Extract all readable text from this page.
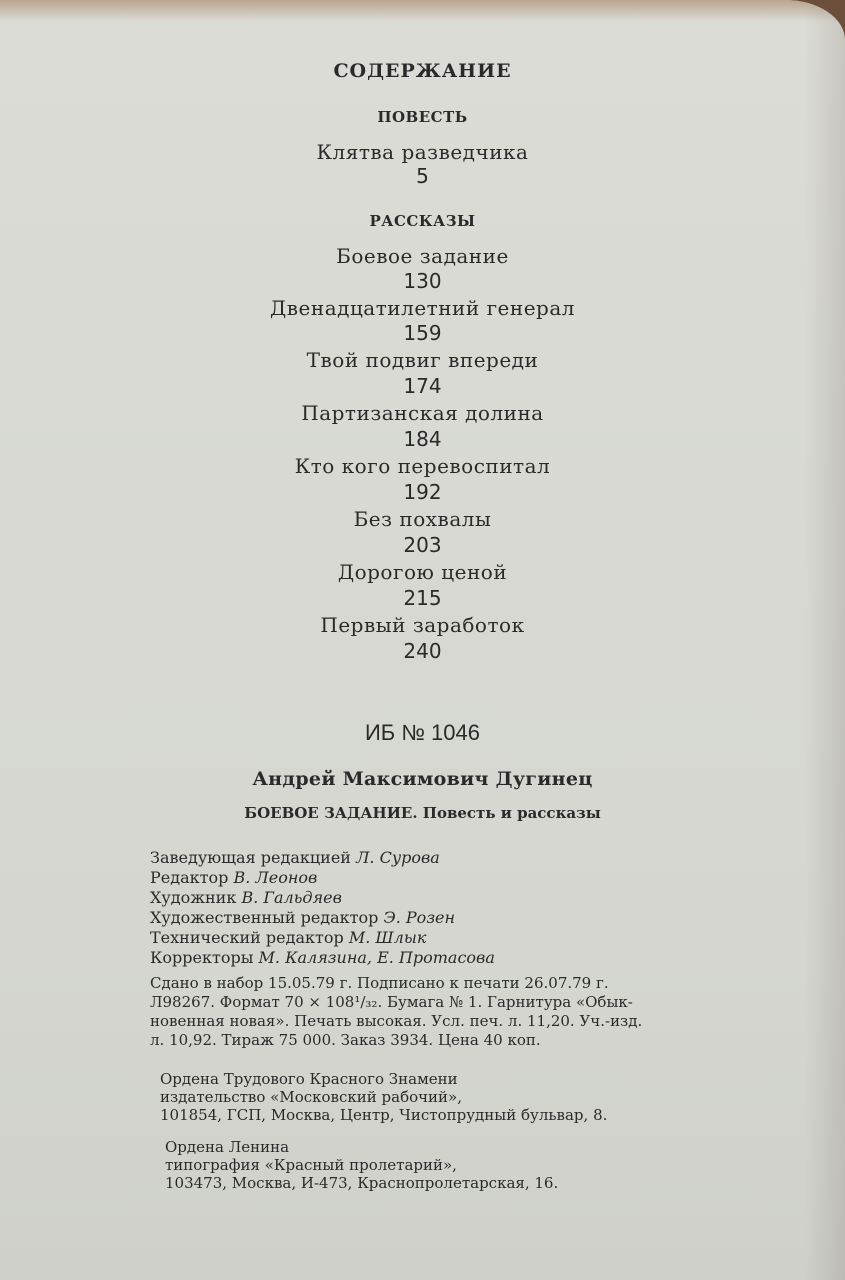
СОДЕРЖАНИЕ
ПОВЕСТЬ
Клятва разведчика
5
РАССКАЗЫ
Боевое задание
130
Двенадцатилетний генерал
159
Твой подвиг впереди
174
Партизанская долина
184
Кто кого перевоспитал
192
Без похвалы
203
Дорогою ценой
215
Первый заработок
240
ИБ № 1046
Андрей Максимович Дугинец
БОЕВОЕ ЗАДАНИЕ. Повесть и рассказы
Заведующая редакцией Л. Сурова
Редактор В. Леонов
Художник В. Гальдяев
Художественный редактор Э. Розен
Технический редактор М. Шлык
Корректоры М. Калязина, Е. Протасова
Сдано в набор 15.05.79 г. Подписано к печати 26.07.79 г.
Л98267. Формат 70 × 108¹/₃₂. Бумага № 1. Гарнитура «Обык-
новенная новая». Печать высокая. Усл. печ. л. 11,20. Уч.-изд.
л. 10,92. Тираж 75 000. Заказ 3934. Цена 40 коп.
Ордена Трудового Красного Знамени
издательство «Московский рабочий»,
101854, ГСП, Москва, Центр, Чистопрудный бульвар, 8.
Ордена Ленина
типография «Красный пролетарий»,
103473, Москва, И-473, Краснопролетарская, 16.
